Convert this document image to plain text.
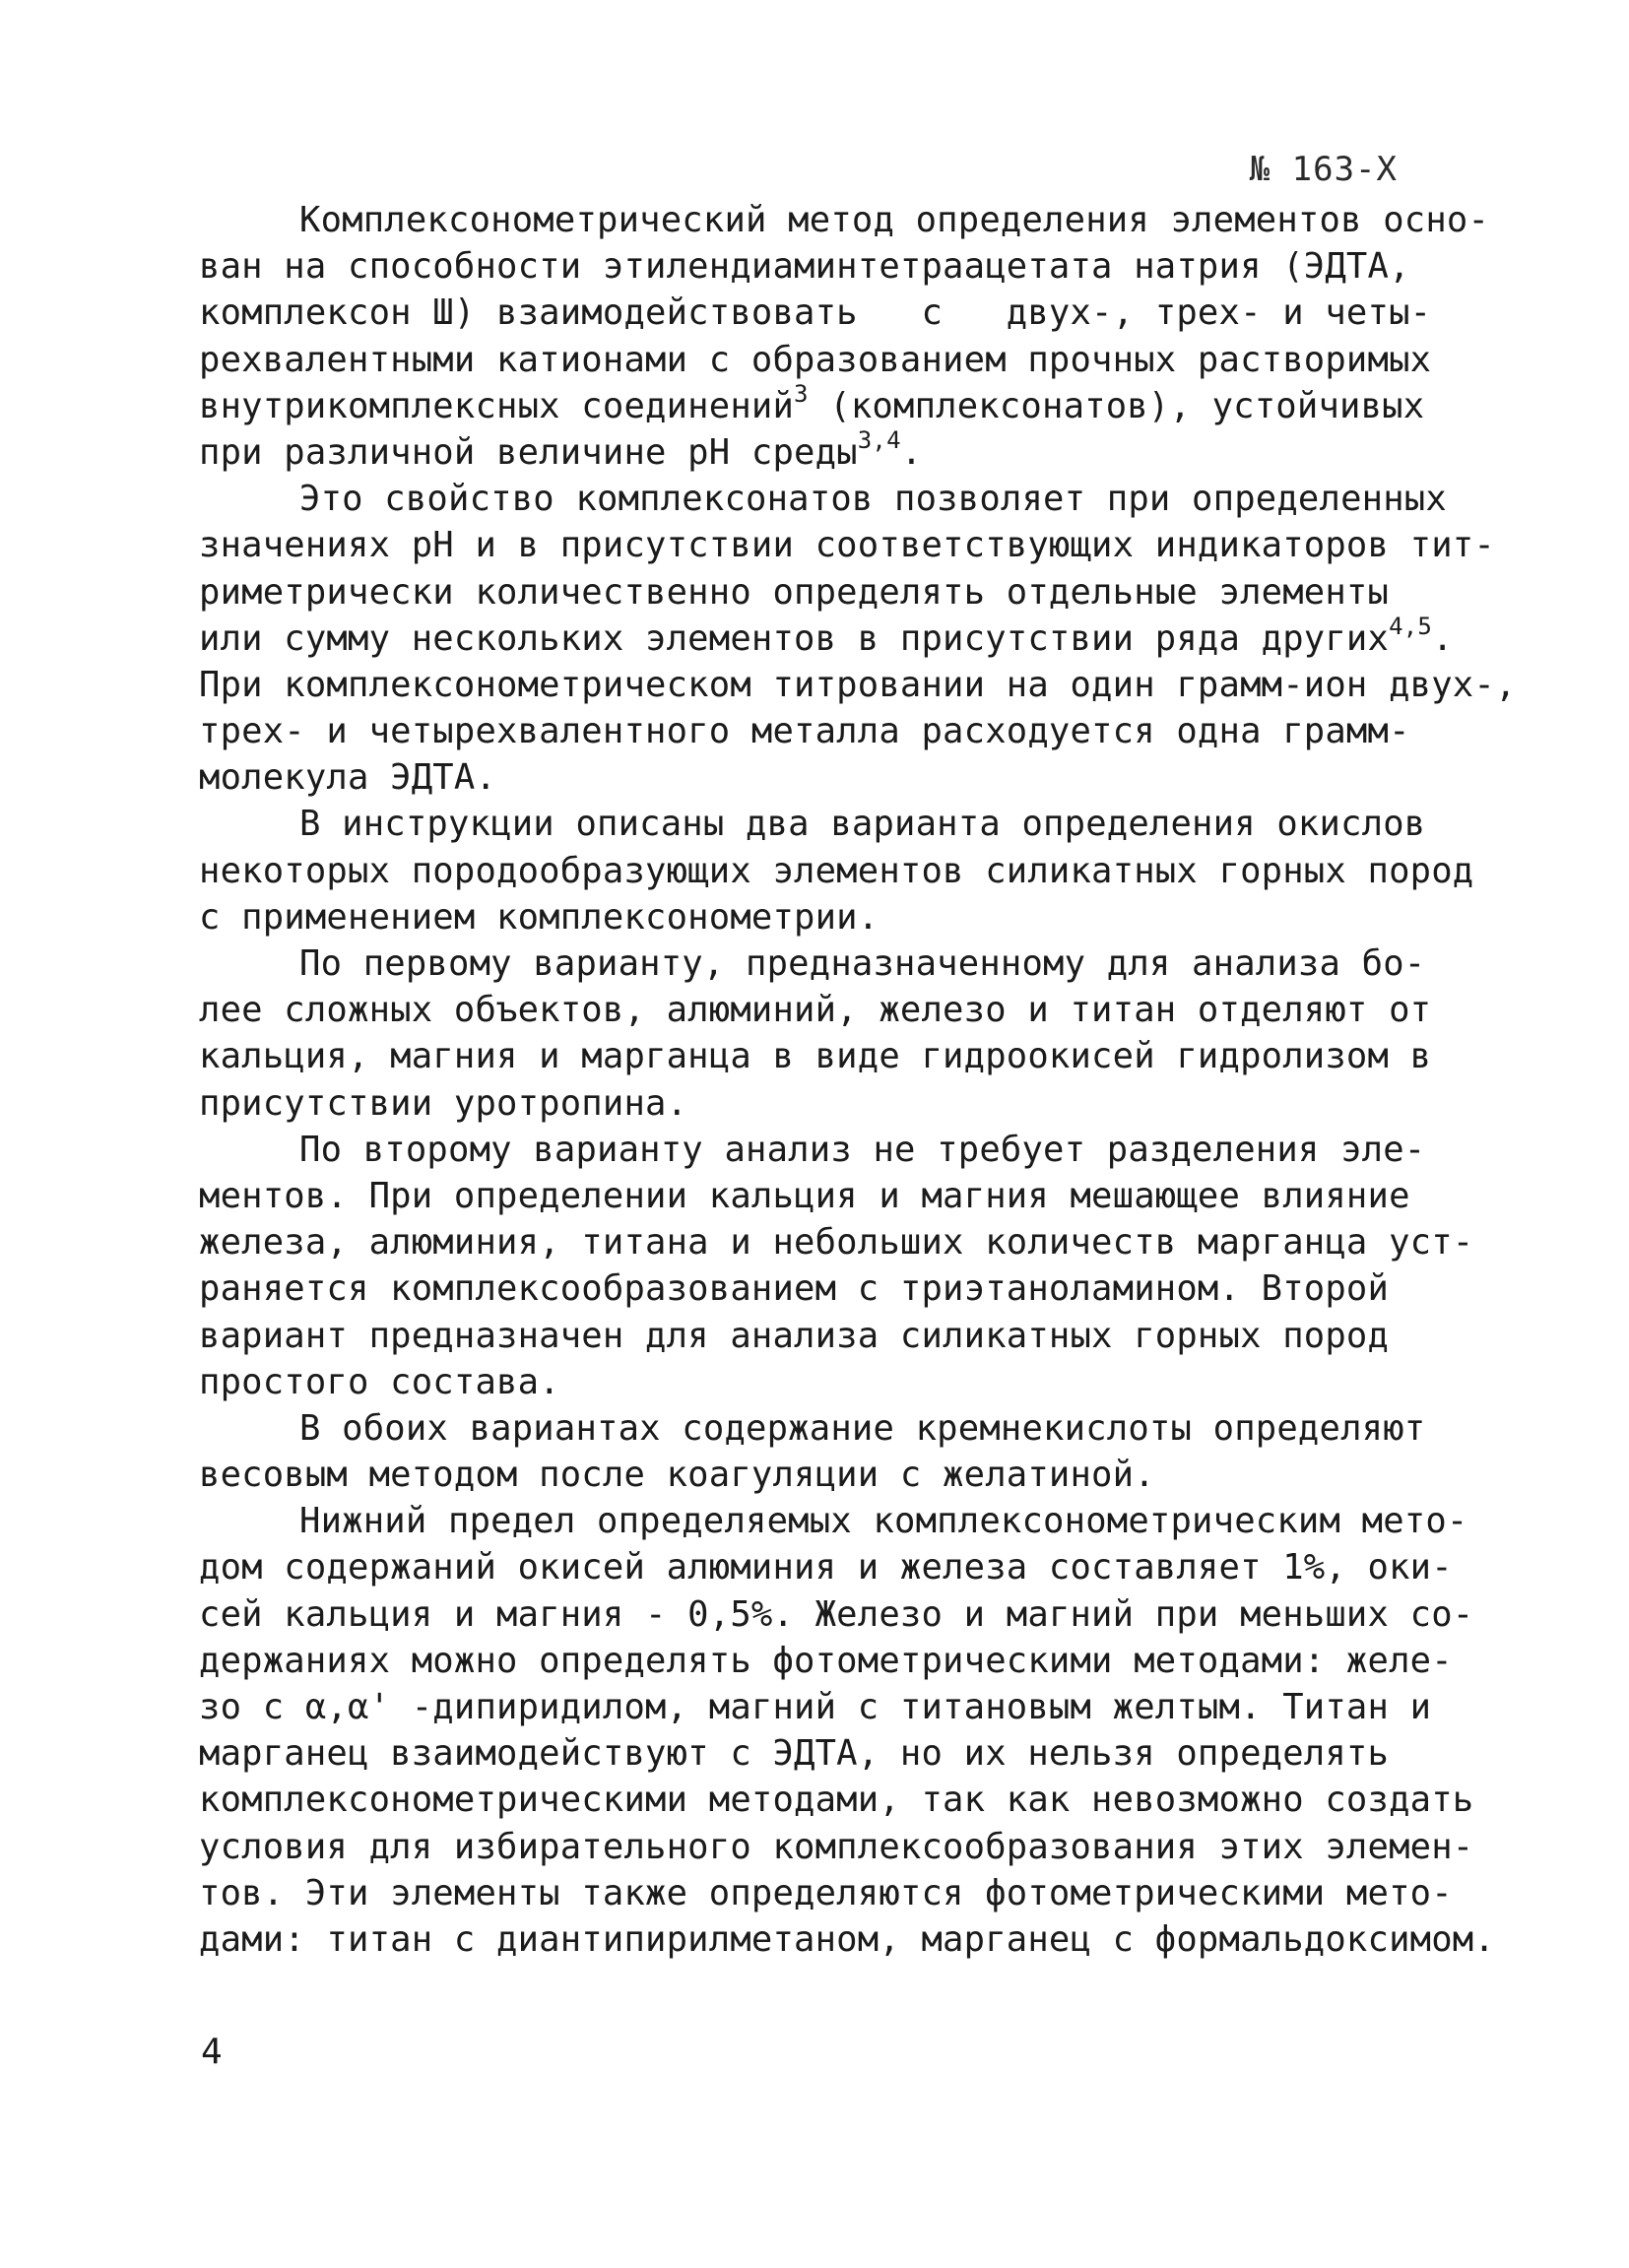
№ 163-Х
Комплексонометрический метод определения элементов осно-
ван на способности этилендиаминтетраацетата натрия (ЭДТА,
комплексон Ш) взаимодействовать   с   двух-, трех- и четы-
рехвалентными катионами с образованием прочных растворимых
внутрикомплексных соединений$^3$ (комплексонатов), устойчивых
при различной величине рН среды$^{3,4}$.
Это свойство комплексонатов позволяет при определенных
значениях рН и в присутствии соответствующих индикаторов тит-
риметрически количественно определять отдельные элементы
или сумму нескольких элементов в присутствии ряда других$^{4,5}$.
При комплексонометрическом титровании на один грамм-ион двух-,
трех- и четырехвалентного металла расходуется одна грамм-
молекула ЭДТА.
В инструкции описаны два варианта определения окислов
некоторых породообразующих элементов силикатных горных пород
с применением комплексонометрии.
По первому варианту, предназначенному для анализа бо-
лее сложных объектов, алюминий, железо и титан отделяют от
кальция, магния и марганца в виде гидроокисей гидролизом в
присутствии уротропина.
По второму варианту анализ не требует разделения эле-
ментов. При определении кальция и магния мешающее влияние
железа, алюминия, титана и небольших количеств марганца уст-
раняется комплексообразованием с триэтаноламином. Второй
вариант предназначен для анализа силикатных горных пород
простого состава.
В обоих вариантах содержание кремнекислоты определяют
весовым методом после коагуляции с желатиной.
Нижний предел определяемых комплексонометрическим мето-
дом содержаний окисей алюминия и железа составляет 1%, оки-
сей кальция и магния - 0,5%. Железо и магний при меньших со-
держаниях можно определять фотометрическими методами: желе-
зо с α,α' -дипиридилом, магний с титановым желтым. Титан и
марганец взаимодействуют с ЭДТА, но их нельзя определять
комплексонометрическими методами, так как невозможно создать
условия для избирательного комплексообразования этих элемен-
тов. Эти элементы также определяются фотометрическими мето-
дами: титан с диантипирилметаном, марганец с формальдоксимом.
4
